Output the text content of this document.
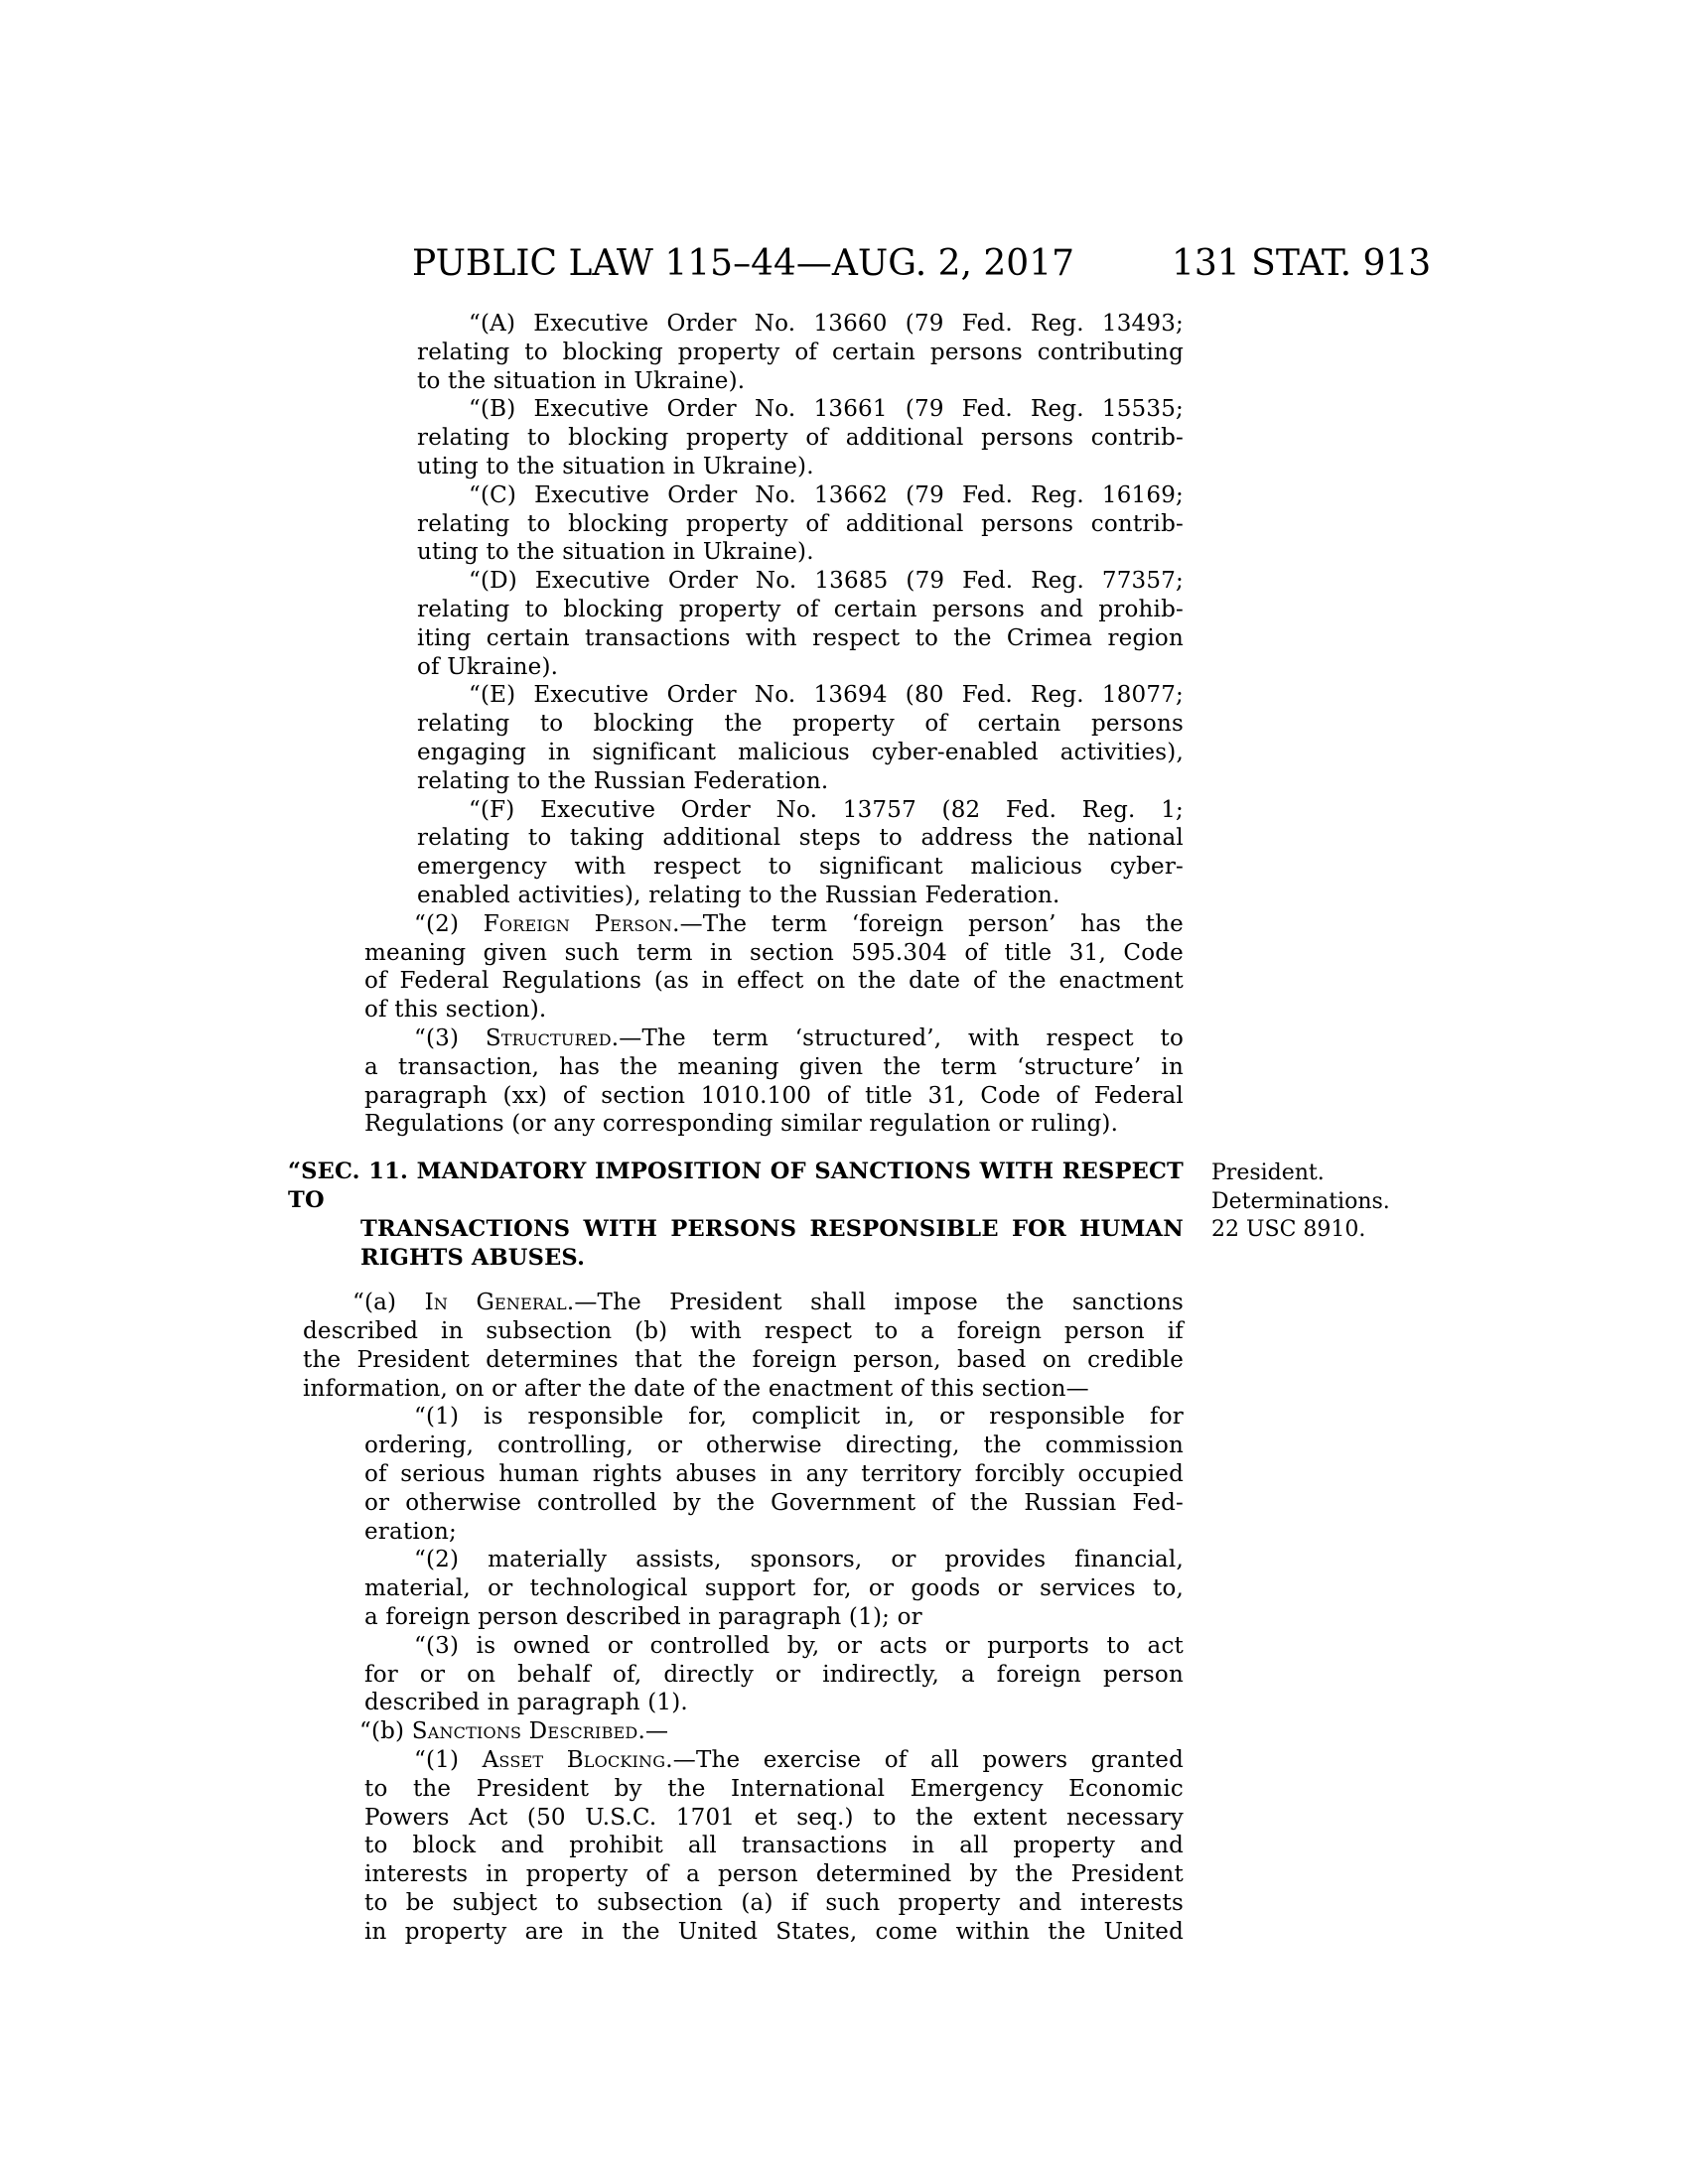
PUBLIC LAW 115–44—AUG. 2, 2017	131 STAT. 913
“(A) Executive Order No. 13660 (79 Fed. Reg. 13493;
relating to blocking property of certain persons contributing
to the situation in Ukraine).
“(B) Executive Order No. 13661 (79 Fed. Reg. 15535;
relating to blocking property of additional persons contrib-
uting to the situation in Ukraine).
“(C) Executive Order No. 13662 (79 Fed. Reg. 16169;
relating to blocking property of additional persons contrib-
uting to the situation in Ukraine).
“(D) Executive Order No. 13685 (79 Fed. Reg. 77357;
relating to blocking property of certain persons and prohib-
iting certain transactions with respect to the Crimea region
of Ukraine).
“(E) Executive Order No. 13694 (80 Fed. Reg. 18077;
relating to blocking the property of certain persons
engaging in significant malicious cyber-enabled activities),
relating to the Russian Federation.
“(F) Executive Order No. 13757 (82 Fed. Reg. 1;
relating to taking additional steps to address the national
emergency with respect to significant malicious cyber-
enabled activities), relating to the Russian Federation.
“(2) Foreign Person.—The term ‘foreign person’ has the
meaning given such term in section 595.304 of title 31, Code
of Federal Regulations (as in effect on the date of the enactment
of this section).
“(3) Structured.—The term ‘structured’, with respect to
a transaction, has the meaning given the term ‘structure’ in
paragraph (xx) of section 1010.100 of title 31, Code of Federal
Regulations (or any corresponding similar regulation or ruling).
“SEC. 11. MANDATORY IMPOSITION OF SANCTIONS WITH RESPECT TO
TRANSACTIONS WITH PERSONS RESPONSIBLE FOR HUMAN
RIGHTS ABUSES.
“(a) In General.—The President shall impose the sanctions
described in subsection (b) with respect to a foreign person if
the President determines that the foreign person, based on credible
information, on or after the date of the enactment of this section—
“(1) is responsible for, complicit in, or responsible for
ordering, controlling, or otherwise directing, the commission
of serious human rights abuses in any territory forcibly occupied
or otherwise controlled by the Government of the Russian Fed-
eration;
“(2) materially assists, sponsors, or provides financial,
material, or technological support for, or goods or services to,
a foreign person described in paragraph (1); or
“(3) is owned or controlled by, or acts or purports to act
for or on behalf of, directly or indirectly, a foreign person
described in paragraph (1).
“(b) Sanctions Described.—
“(1) Asset Blocking.—The exercise of all powers granted
to the President by the International Emergency Economic
Powers Act (50 U.S.C. 1701 et seq.) to the extent necessary
to block and prohibit all transactions in all property and
interests in property of a person determined by the President
to be subject to subsection (a) if such property and interests
in property are in the United States, come within the United
President.
Determinations.
22 USC 8910.
